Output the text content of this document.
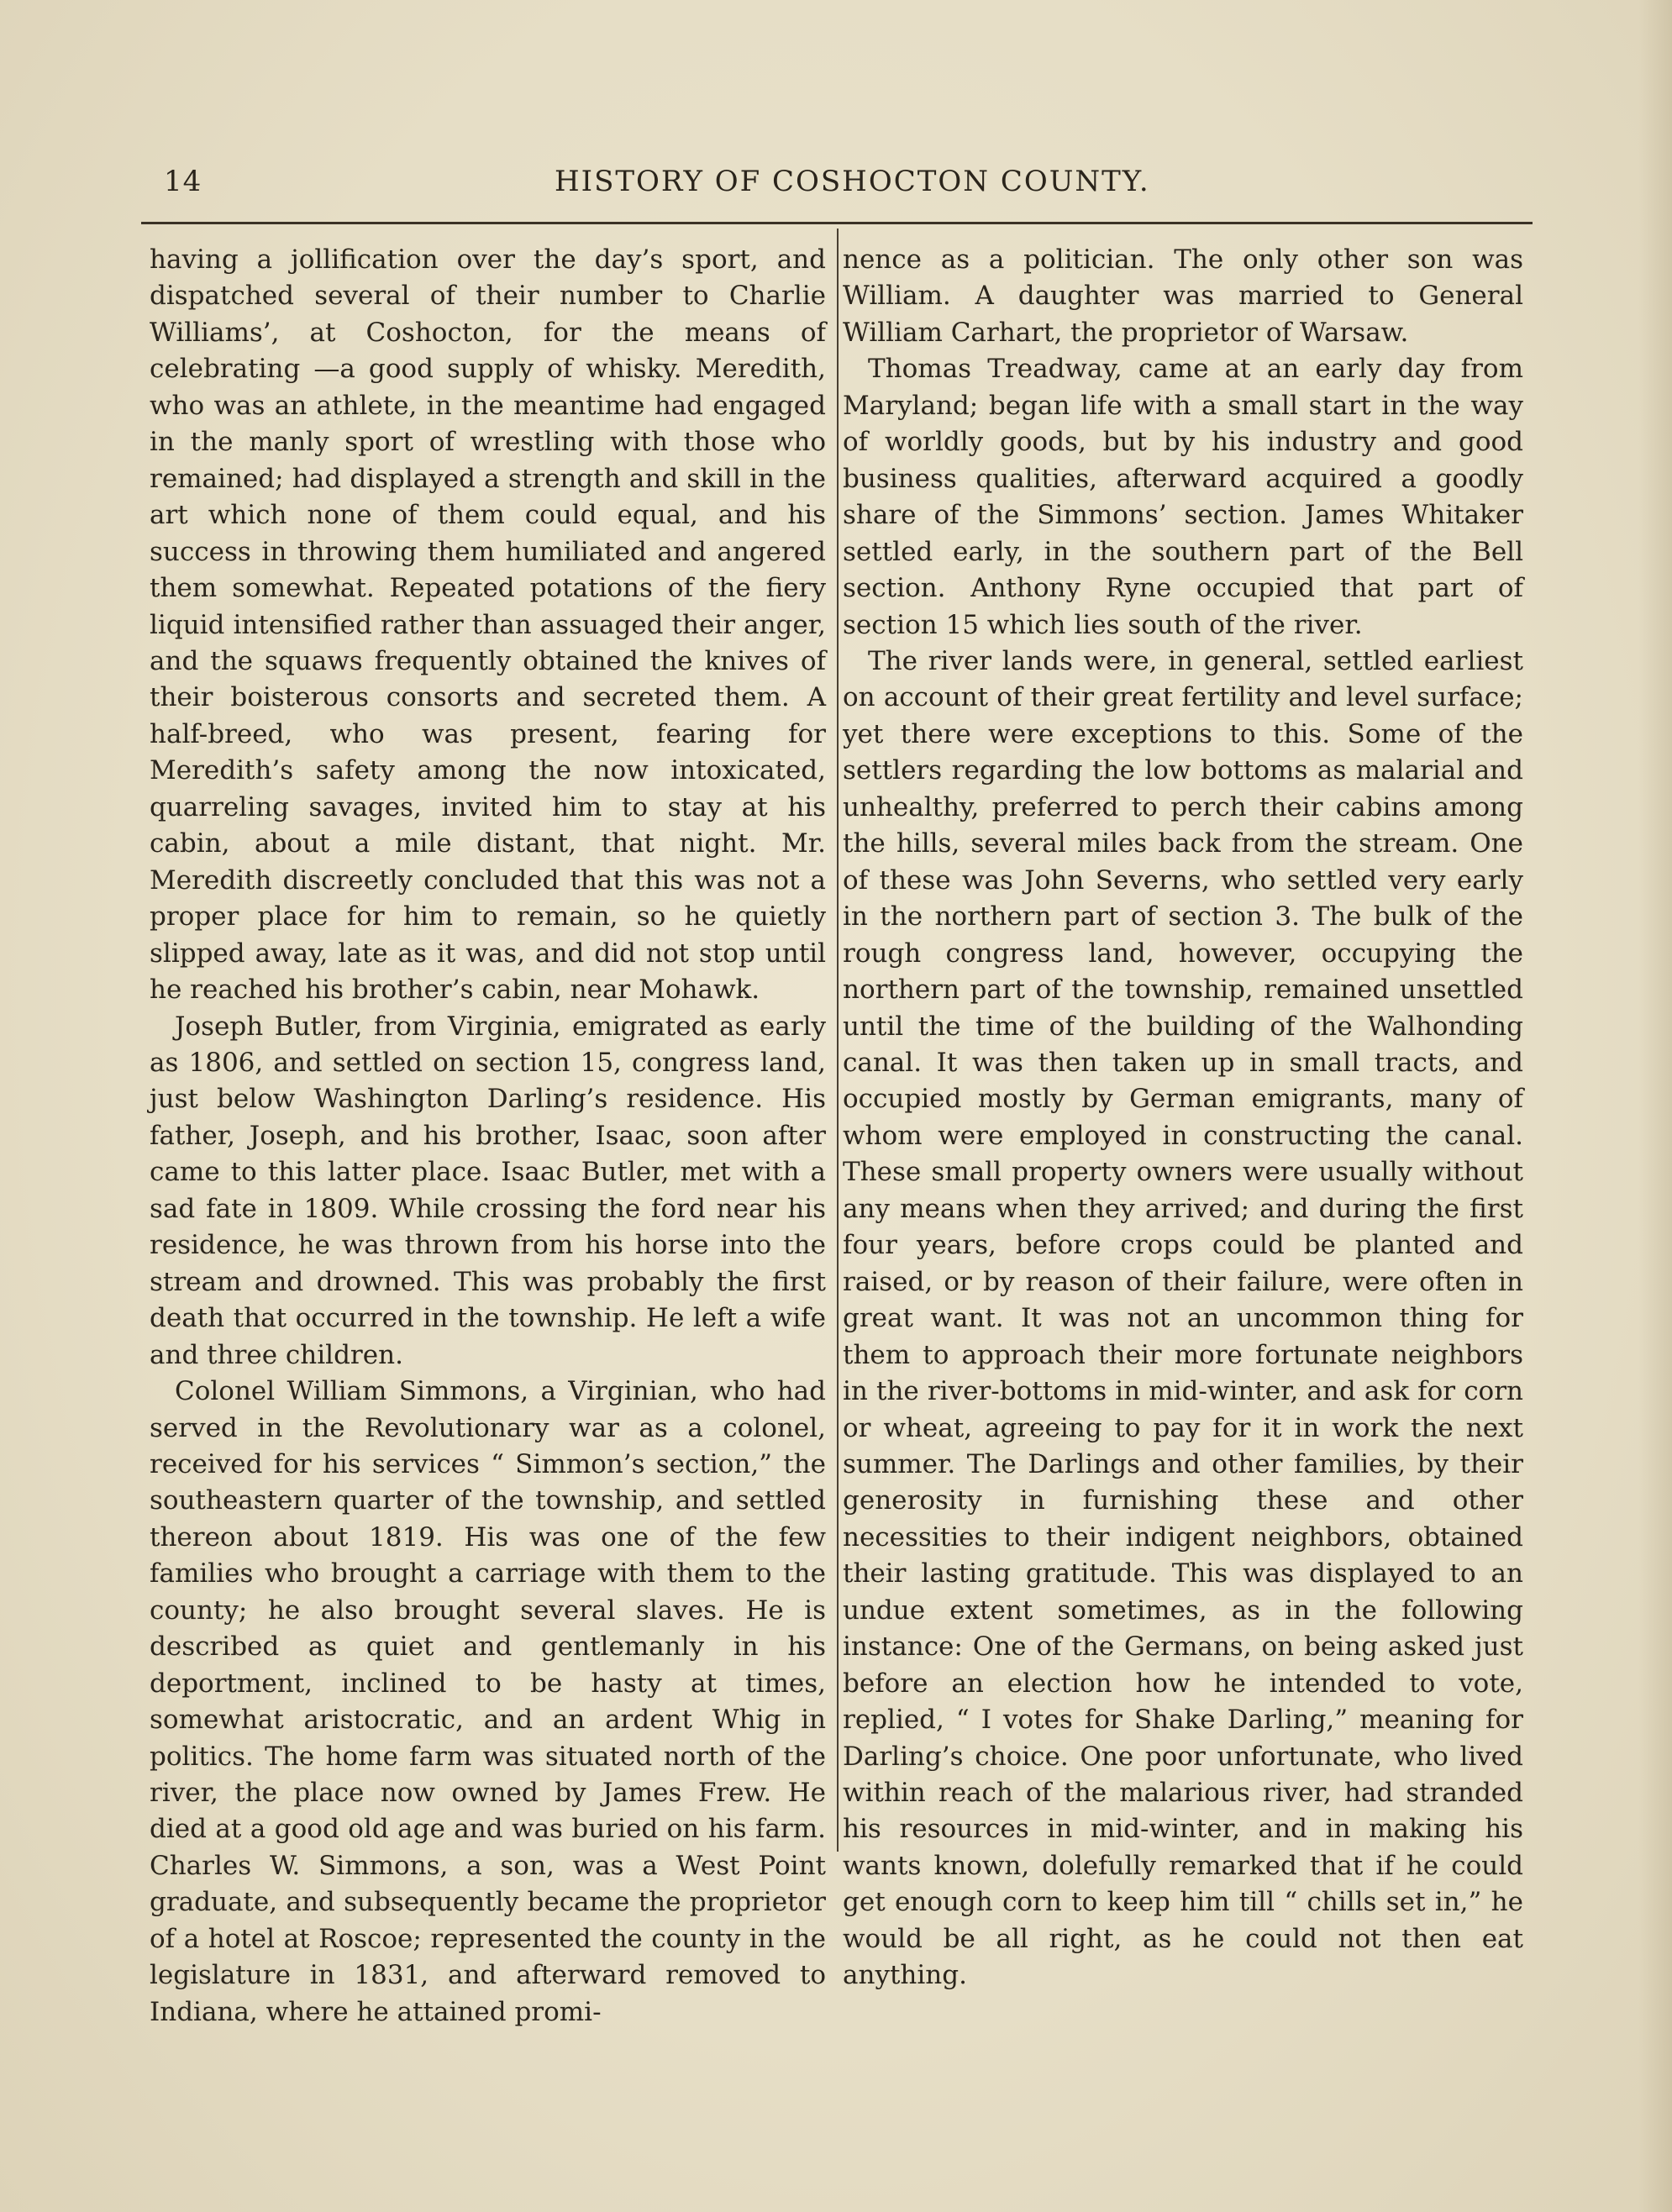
14	HISTORY OF COSHOCTON COUNTY.

having a jollification over the day’s sport, and dispatched several of their number to Charlie Williams’, at Coshocton, for the means of celebrating —a good supply of whisky. Meredith, who was an athlete, in the meantime had engaged in the manly sport of wrestling with those who remained; had displayed a strength and skill in the art which none of them could equal, and his success in throwing them humiliated and angered them somewhat. Repeated potations of the fiery liquid intensified rather than assuaged their anger, and the squaws frequently obtained the knives of their boisterous consorts and secreted them. A half-breed, who was present, fearing for Meredith’s safety among the now intoxicated, quarreling savages, invited him to stay at his cabin, about a mile distant, that night. Mr. Meredith discreetly concluded that this was not a proper place for him to remain, so he quietly slipped away, late as it was, and did not stop until he reached his brother’s cabin, near Mohawk.

Joseph Butler, from Virginia, emigrated as early as 1806, and settled on section 15, congress land, just below Washington Darling’s residence. His father, Joseph, and his brother, Isaac, soon after came to this latter place. Isaac Butler, met with a sad fate in 1809. While crossing the ford near his residence, he was thrown from his horse into the stream and drowned. This was probably the first death that occurred in the township. He left a wife and three children.

Colonel William Simmons, a Virginian, who had served in the Revolutionary war as a colonel, received for his services “ Simmon’s section,” the southeastern quarter of the township, and settled thereon about 1819. His was one of the few families who brought a carriage with them to the county; he also brought several slaves. He is described as quiet and gentlemanly in his deportment, inclined to be hasty at times, somewhat aristocratic, and an ardent Whig in politics. The home farm was situated north of the river, the place now owned by James Frew. He died at a good old age and was buried on his farm. Charles W. Simmons, a son, was a West Point graduate, and subsequently became the proprietor of a hotel at Roscoe; represented the county in the legislature in 1831, and afterward removed to Indiana, where he attained promi-

nence as a politician. The only other son was William. A daughter was married to General William Carhart, the proprietor of Warsaw.

Thomas Treadway, came at an early day from Maryland; began life with a small start in the way of worldly goods, but by his industry and good business qualities, afterward acquired a goodly share of the Simmons’ section. James Whitaker settled early, in the southern part of the Bell section. Anthony Ryne occupied that part of section 15 which lies south of the river.

The river lands were, in general, settled earliest on account of their great fertility and level surface; yet there were exceptions to this. Some of the settlers regarding the low bottoms as malarial and unhealthy, preferred to perch their cabins among the hills, several miles back from the stream. One of these was John Severns, who settled very early in the northern part of section 3. The bulk of the rough congress land, however, occupying the northern part of the township, remained unsettled until the time of the building of the Walhonding canal. It was then taken up in small tracts, and occupied mostly by German emigrants, many of whom were employed in constructing the canal. These small property owners were usually without any means when they arrived; and during the first four years, before crops could be planted and raised, or by reason of their failure, were often in great want. It was not an uncommon thing for them to approach their more fortunate neighbors in the river-bottoms in mid-winter, and ask for corn or wheat, agreeing to pay for it in work the next summer. The Darlings and other families, by their generosity in furnishing these and other necessities to their indigent neighbors, obtained their lasting gratitude. This was displayed to an undue extent sometimes, as in the following instance: One of the Germans, on being asked just before an election how he intended to vote, replied, “ I votes for Shake Darling,” meaning for Darling’s choice. One poor unfortunate, who lived within reach of the malarious river, had stranded his resources in mid-winter, and in making his wants known, dolefully remarked that if he could get enough corn to keep him till “ chills set in,” he would be all right, as he could not then eat anything.
